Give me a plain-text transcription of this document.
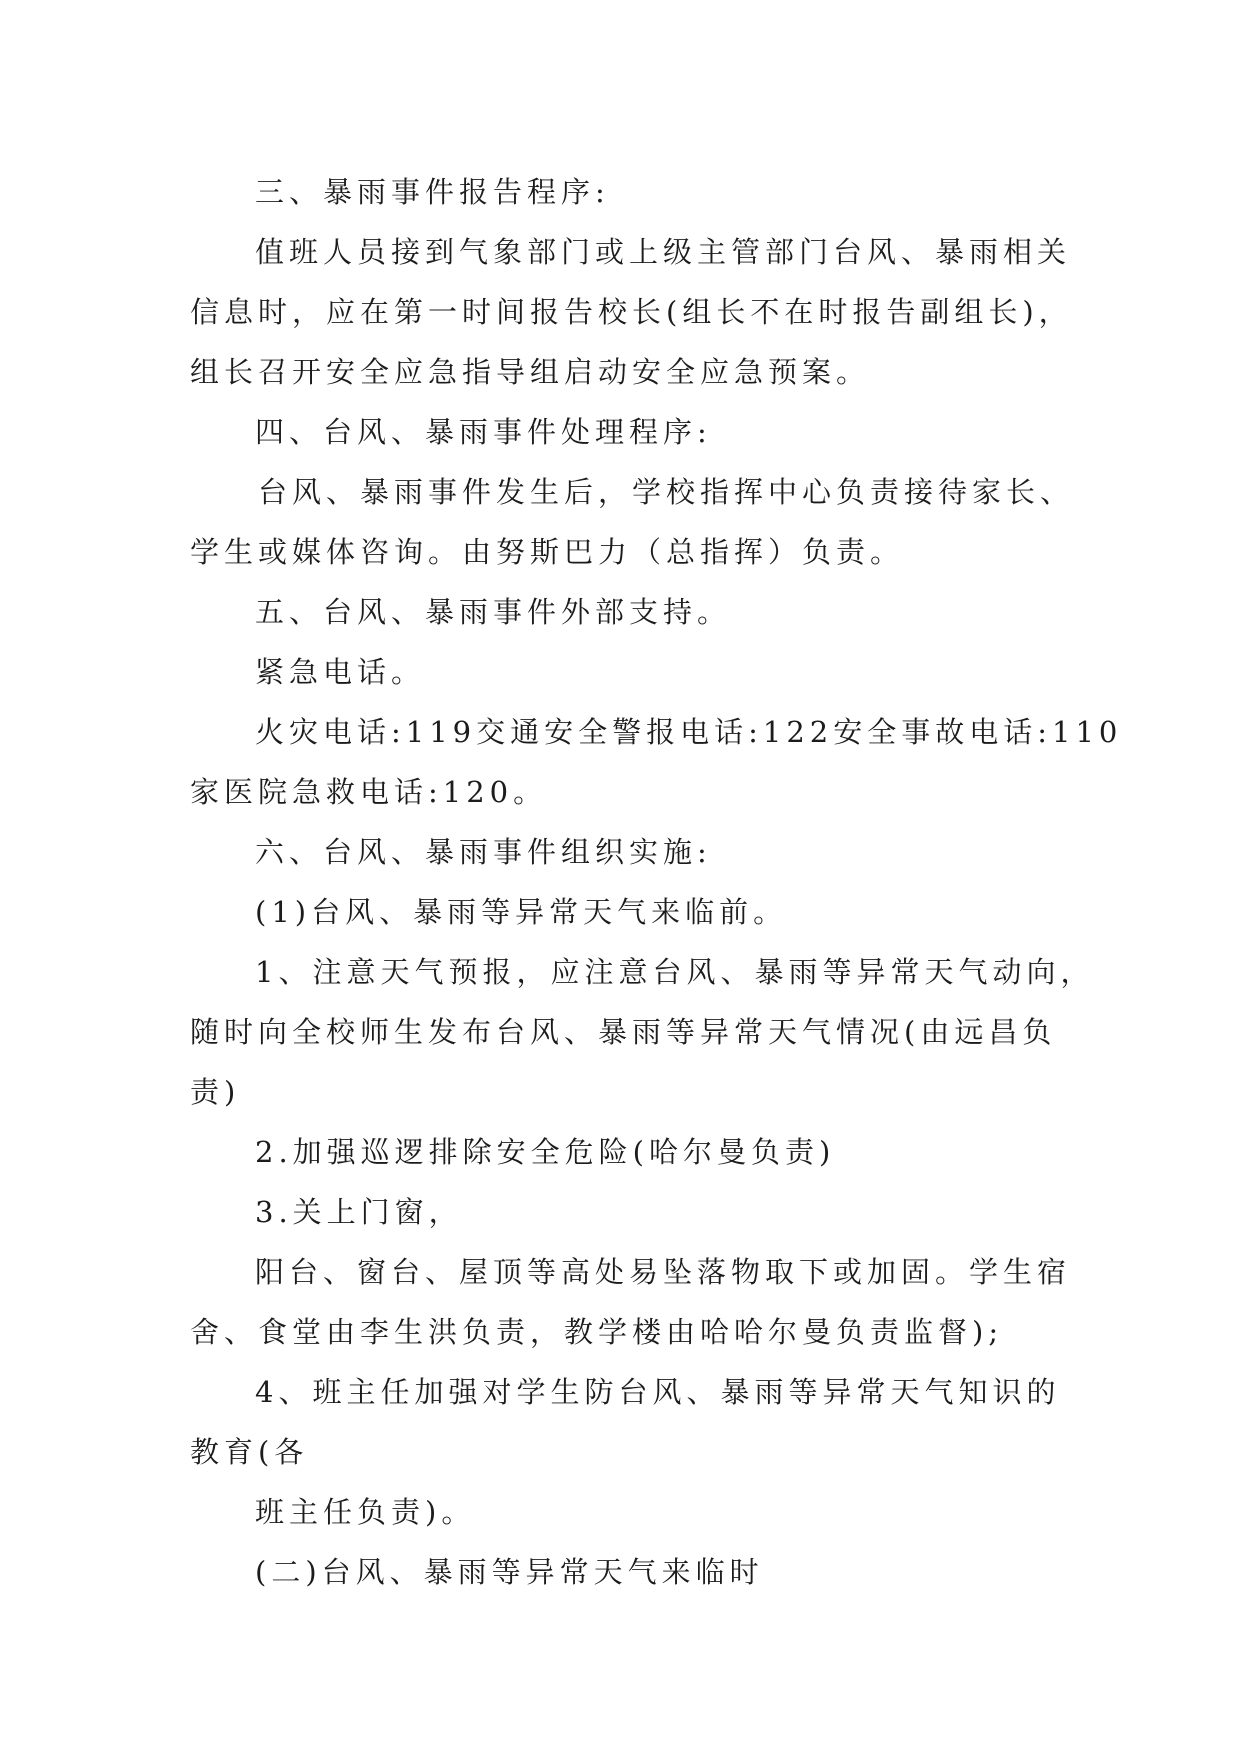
三、暴雨事件报告程序:
值班人员接到气象部门或上级主管部门台风、暴雨相关
信息时，应在第一时间报告校长(组长不在时报告副组长)，
组长召开安全应急指导组启动安全应急预案。
四、台风、暴雨事件处理程序:
台风、暴雨事件发生后，学校指挥中心负责接待家长、
学生或媒体咨询。由努斯巴力（总指挥）负责。
五、台风、暴雨事件外部支持。
紧急电话。
火灾电话:119交通安全警报电话:122安全事故电话:110
家医院急救电话:120。
六、台风、暴雨事件组织实施:
(1)台风、暴雨等异常天气来临前。
1、注意天气预报，应注意台风、暴雨等异常天气动向，
随时向全校师生发布台风、暴雨等异常天气情况(由远昌负
责)
2.加强巡逻排除安全危险(哈尔曼负责)
3.关上门窗，
阳台、窗台、屋顶等高处易坠落物取下或加固。学生宿
舍、食堂由李生洪负责，教学楼由哈哈尔曼负责监督);
4、班主任加强对学生防台风、暴雨等异常天气知识的
教育(各
班主任负责)。
(二)台风、暴雨等异常天气来临时
